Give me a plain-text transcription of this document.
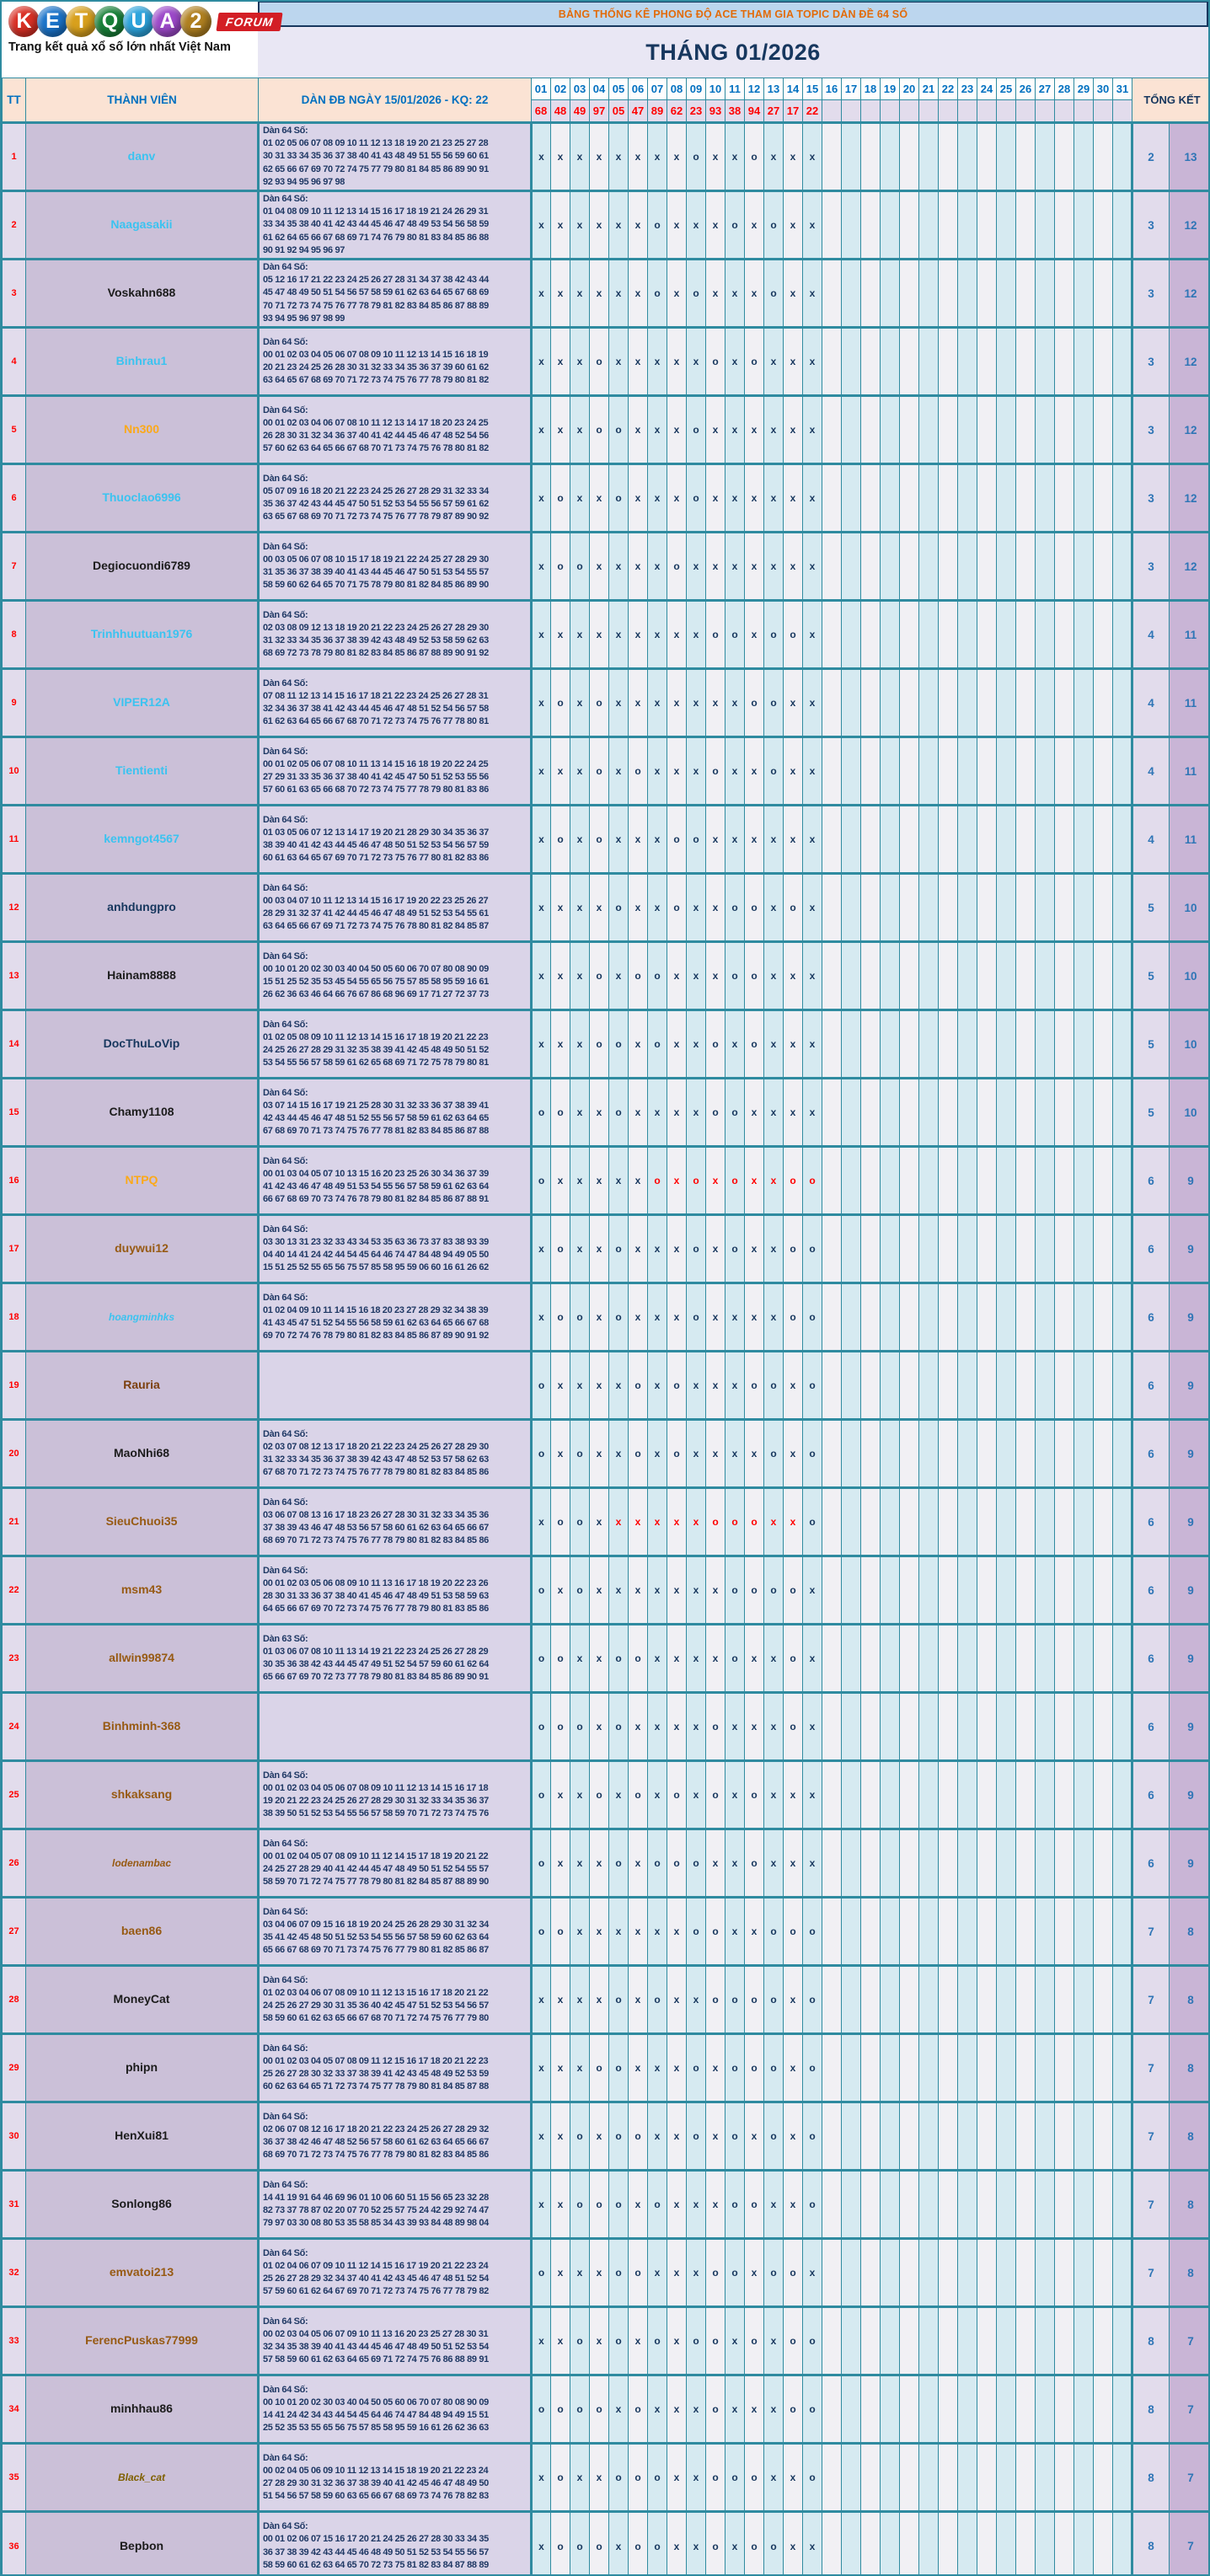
K E T Q U A 2	FORUM
Trang kết quả xổ số lớn nhất Việt Nam
BẢNG THỐNG KÊ PHONG ĐỘ ACE THAM GIA TOPIC DÀN ĐỀ 64 SỐ
THÁNG 01/2026
TT	THÀNH VIÊN	DÀN ĐB NGÀY 15/01/2026 - KQ: 22	01	02	03	04	05	06	07	08	09	10	11	12	13	14	15	16	17	18	19	20	21	22	23	24	25	26	27	28	29	30	31	TỔNG KẾT	
			68	48	49	97	05	47	89	62	23	93	38	94	27	17	22																		
1	danv	Dàn 64 Số:
01 02 05 06 07 08 09 10 11 12 13 18 19 20 21 23 25 27 28
30 31 33 34 35 36 37 38 40 41 43 48 49 51 55 56 59 60 61
62 65 66 67 69 70 72 74 75 77 79 80 81 84 85 86 89 90 91
92 93 94 95 96 97 98	x	x	x	x	x	x	x	x	o	x	x	o	x	x	x																	2	13
2	Naagasakii	Dàn 64 Số:
01 04 08 09 10 11 12 13 14 15 16 17 18 19 21 24 26 29 31
33 34 35 38 40 41 42 43 44 45 46 47 48 49 53 54 56 58 59
61 62 64 65 66 67 68 69 71 74 76 79 80 81 83 84 85 86 88
90 91 92 94 95 96 97	x	x	x	x	x	x	o	x	x	x	o	x	o	x	x																	3	12
3	Voskahn688	Dàn 64 Số:
05 12 16 17 21 22 23 24 25 26 27 28 31 34 37 38 42 43 44
45 47 48 49 50 51 54 56 57 58 59 61 62 63 64 65 67 68 69
70 71 72 73 74 75 76 77 78 79 81 82 83 84 85 86 87 88 89
93 94 95 96 97 98 99	x	x	x	x	x	x	o	x	o	x	x	x	o	x	x																	3	12
4	Binhrau1	Dàn 64 Số:
00 01 02 03 04 05 06 07 08 09 10 11 12 13 14 15 16 18 19
20 21 23 24 25 26 28 30 31 32 33 34 35 36 37 39 60 61 62
63 64 65 67 68 69 70 71 72 73 74 75 76 77 78 79 80 81 82	x	x	x	o	x	x	x	x	x	o	x	o	x	x	x																	3	12
5	Nn300	Dàn 64 Số:
00 01 02 03 04 06 07 08 10 11 12 13 14 17 18 20 23 24 25
26 28 30 31 32 34 36 37 40 41 42 44 45 46 47 48 52 54 56
57 60 62 63 64 65 66 67 68 70 71 73 74 75 76 78 80 81 82	x	x	x	o	o	x	x	x	o	x	x	x	x	x	x																	3	12
6	Thuoclao6996	Dàn 64 Số:
05 07 09 16 18 20 21 22 23 24 25 26 27 28 29 31 32 33 34
35 36 37 42 43 44 45 47 50 51 52 53 54 55 56 57 59 61 62
63 65 67 68 69 70 71 72 73 74 75 76 77 78 79 87 89 90 92	x	o	x	x	o	x	x	x	o	x	x	x	x	x	x																	3	12
7	Degiocuondi6789	Dàn 64 Số:
00 03 05 06 07 08 10 15 17 18 19 21 22 24 25 27 28 29 30
31 35 36 37 38 39 40 41 43 44 45 46 47 50 51 53 54 55 57
58 59 60 62 64 65 70 71 75 78 79 80 81 82 84 85 86 89 90	x	o	o	x	x	x	x	o	x	x	x	x	x	x	x																	3	12
8	Trinhhuutuan1976	Dàn 64 Số:
02 03 08 09 12 13 18 19 20 21 22 23 24 25 26 27 28 29 30
31 32 33 34 35 36 37 38 39 42 43 48 49 52 53 58 59 62 63
68 69 72 73 78 79 80 81 82 83 84 85 86 87 88 89 90 91 92	x	x	x	x	x	x	x	x	x	o	o	x	o	o	x																	4	11
9	VIPER12A	Dàn 64 Số:
07 08 11 12 13 14 15 16 17 18 21 22 23 24 25 26 27 28 31
32 34 36 37 38 41 42 43 44 45 46 47 48 51 52 54 56 57 58
61 62 63 64 65 66 67 68 70 71 72 73 74 75 76 77 78 80 81	x	o	x	o	x	x	x	x	x	x	x	o	o	x	x																	4	11
10	Tientienti	Dàn 64 Số:
00 01 02 05 06 07 08 10 11 13 14 15 16 18 19 20 22 24 25
27 29 31 33 35 36 37 38 40 41 42 45 47 50 51 52 53 55 56
57 60 61 63 65 66 68 70 72 73 74 75 77 78 79 80 81 83 86	x	x	x	o	x	o	x	x	x	o	x	x	o	x	x																	4	11
11	kemngot4567	Dàn 64 Số:
01 03 05 06 07 12 13 14 17 19 20 21 28 29 30 34 35 36 37
38 39 40 41 42 43 44 45 46 47 48 50 51 52 53 54 56 57 59
60 61 63 64 65 67 69 70 71 72 73 75 76 77 80 81 82 83 86	x	o	x	o	x	x	x	o	o	x	x	x	x	x	x																	4	11
12	anhdungpro	Dàn 64 Số:
00 03 04 07 10 11 12 13 14 15 16 17 19 20 22 23 25 26 27
28 29 31 32 37 41 42 44 45 46 47 48 49 51 52 53 54 55 61
63 64 65 66 67 69 71 72 73 74 75 76 78 80 81 82 84 85 87	x	x	x	x	o	x	x	o	x	x	o	o	x	o	x																	5	10
13	Hainam8888	Dàn 64 Số:
00 10 01 20 02 30 03 40 04 50 05 60 06 70 07 80 08 90 09
15 51 25 52 35 53 45 54 55 65 56 75 57 85 58 95 59 16 61
26 62 36 63 46 64 66 76 67 86 68 96 69 17 71 27 72 37 73	x	x	x	o	x	o	o	x	x	x	o	o	x	x	x																	5	10
14	DocThuLoVip	Dàn 64 Số:
01 02 05 08 09 10 11 12 13 14 15 16 17 18 19 20 21 22 23
24 25 26 27 28 29 31 32 35 38 39 41 42 45 48 49 50 51 52
53 54 55 56 57 58 59 61 62 65 68 69 71 72 75 78 79 80 81	x	x	x	o	o	x	o	x	x	o	x	o	x	x	x																	5	10
15	Chamy1108	Dàn 64 Số:
03 07 14 15 16 17 19 21 25 28 30 31 32 33 36 37 38 39 41
42 43 44 45 46 47 48 51 52 55 56 57 58 59 61 62 63 64 65
67 68 69 70 71 73 74 75 76 77 78 81 82 83 84 85 86 87 88	o	o	x	x	o	x	x	x	x	o	o	x	x	x	x																	5	10
16	NTPQ	Dàn 64 Số:
00 01 03 04 05 07 10 13 15 16 20 23 25 26 30 34 36 37 39
41 42 43 46 47 48 49 51 53 54 55 56 57 58 59 61 62 63 64
66 67 68 69 70 73 74 76 78 79 80 81 82 84 85 86 87 88 91	o	x	x	x	x	x	o	x	o	x	o	x	x	o	o																	6	9
17	duywui12	Dàn 64 Số:
03 30 13 31 23 32 33 43 34 53 35 63 36 73 37 83 38 93 39
04 40 14 41 24 42 44 54 45 64 46 74 47 84 48 94 49 05 50
15 51 25 52 55 65 56 75 57 85 58 95 59 06 60 16 61 26 62	x	o	x	x	o	x	x	x	o	x	o	x	x	o	o																	6	9
18	hoangminhks	Dàn 64 Số:
01 02 04 09 10 11 14 15 16 18 20 23 27 28 29 32 34 38 39
41 43 45 47 51 52 54 55 56 58 59 61 62 63 64 65 66 67 68
69 70 72 74 76 78 79 80 81 82 83 84 85 86 87 89 90 91 92	x	o	o	x	o	x	x	x	o	x	x	x	x	o	o																	6	9
19	Rauria		o	x	x	x	x	o	x	o	x	x	x	o	o	x	o																	6	9
20	MaoNhi68	Dàn 64 Số:
02 03 07 08 12 13 17 18 20 21 22 23 24 25 26 27 28 29 30
31 32 33 34 35 36 37 38 39 42 43 47 48 52 53 57 58 62 63
67 68 70 71 72 73 74 75 76 77 78 79 80 81 82 83 84 85 86	o	x	o	x	x	o	x	o	x	x	x	x	o	x	o																	6	9
21	SieuChuoi35	Dàn 64 Số:
03 06 07 08 13 16 17 18 23 26 27 28 30 31 32 33 34 35 36
37 38 39 43 46 47 48 53 56 57 58 60 61 62 63 64 65 66 67
68 69 70 71 72 73 74 75 76 77 78 79 80 81 82 83 84 85 86	x	o	o	x	x	x	x	x	x	o	o	o	x	x	o																	6	9
22	msm43	Dàn 64 Số:
00 01 02 03 05 06 08 09 10 11 13 16 17 18 19 20 22 23 26
28 30 31 33 36 37 38 40 41 45 46 47 48 49 51 53 58 59 63
64 65 66 67 69 70 72 73 74 75 76 77 78 79 80 81 83 85 86	o	x	o	x	x	x	x	x	x	x	o	o	o	o	x																	6	9
23	allwin99874	Dàn 63 Số:
01 03 06 07 08 10 11 13 14 19 21 22 23 24 25 26 27 28 29
30 35 36 38 42 43 44 45 47 49 51 52 54 57 59 60 61 62 64
65 66 67 69 70 72 73 77 78 79 80 81 83 84 85 86 89 90 91	o	o	x	x	o	o	x	x	x	x	o	x	x	o	x																	6	9
24	Binhminh-368		o	o	o	x	o	x	x	x	x	o	x	x	x	o	x																	6	9
25	shkaksang	Dàn 64 Số:
00 01 02 03 04 05 06 07 08 09 10 11 12 13 14 15 16 17 18
19 20 21 22 23 24 25 26 27 28 29 30 31 32 33 34 35 36 37
38 39 50 51 52 53 54 55 56 57 58 59 70 71 72 73 74 75 76	o	x	x	o	x	o	x	o	x	o	x	o	x	x	x																	6	9
26	lodenambac	Dàn 64 Số:
00 01 02 04 05 07 08 09 10 11 12 14 15 17 18 19 20 21 22
24 25 27 28 29 40 41 42 44 45 47 48 49 50 51 52 54 55 57
58 59 70 71 72 74 75 77 78 79 80 81 82 84 85 87 88 89 90	o	x	x	x	o	x	o	o	o	x	x	o	x	x	x																	6	9
27	baen86	Dàn 64 Số:
03 04 06 07 09 15 16 18 19 20 24 25 26 28 29 30 31 32 34
35 41 42 45 48 50 51 52 53 54 55 56 57 58 59 60 62 63 64
65 66 67 68 69 70 71 73 74 75 76 77 79 80 81 82 85 86 87	o	o	x	x	x	x	x	x	o	o	x	x	o	o	o																	7	8
28	MoneyCat	Dàn 64 Số:
01 02 03 04 06 07 08 09 10 11 12 13 15 16 17 18 20 21 22
24 25 26 27 29 30 31 35 36 40 42 45 47 51 52 53 54 56 57
58 59 60 61 62 63 65 66 67 68 70 71 72 74 75 76 77 79 80	x	x	x	x	o	x	o	x	x	o	o	o	o	x	o																	7	8
29	phipn	Dàn 64 Số:
00 01 02 03 04 05 07 08 09 11 12 15 16 17 18 20 21 22 23
25 26 27 28 30 32 33 37 38 39 41 42 43 45 48 49 52 53 59
60 62 63 64 65 71 72 73 74 75 77 78 79 80 81 84 85 87 88	x	x	x	o	o	x	x	x	o	x	o	o	o	x	o																	7	8
30	HenXui81	Dàn 64 Số:
02 06 07 08 12 16 17 18 20 21 22 23 24 25 26 27 28 29 32
36 37 38 42 46 47 48 52 56 57 58 60 61 62 63 64 65 66 67
68 69 70 71 72 73 74 75 76 77 78 79 80 81 82 83 84 85 86	x	x	o	x	o	o	x	x	o	x	o	x	o	x	o																	7	8
31	Sonlong86	Dàn 64 Số:
14 41 19 91 64 46 69 96 01 10 06 60 51 15 56 65 23 32 28
82 73 37 78 87 02 20 07 70 52 25 57 75 24 42 29 92 74 47
79 97 03 30 08 80 53 35 58 85 34 43 39 93 84 48 89 98 04	x	x	o	o	o	x	o	x	x	x	o	o	x	x	o																	7	8
32	emvatoi213	Dàn 64 Số:
01 02 04 06 07 09 10 11 12 14 15 16 17 19 20 21 22 23 24
25 26 27 28 29 32 34 37 40 41 42 43 45 46 47 48 51 52 54
57 59 60 61 62 64 67 69 70 71 72 73 74 75 76 77 78 79 82	o	x	x	x	o	o	x	x	x	o	o	x	o	o	x																	7	8
33	FerencPuskas77999	Dàn 64 Số:
00 02 03 04 05 06 07 09 10 11 13 16 20 23 25 27 28 30 31
32 34 35 38 39 40 41 43 44 45 46 47 48 49 50 51 52 53 54
57 58 59 60 61 62 63 64 65 69 71 72 74 75 76 86 88 89 91	x	x	o	x	o	x	o	x	o	o	x	o	x	o	o																	8	7
34	minhhau86	Dàn 64 Số:
00 10 01 20 02 30 03 40 04 50 05 60 06 70 07 80 08 90 09
14 41 24 42 34 43 44 54 45 64 46 74 47 84 48 94 49 15 51
25 52 35 53 55 65 56 75 57 85 58 95 59 16 61 26 62 36 63	o	o	o	o	x	o	x	x	x	o	x	x	x	o	o																	8	7
35	Black_cat	Dàn 64 Số:
00 02 04 05 06 09 10 11 12 13 14 15 18 19 20 21 22 23 24
27 28 29 30 31 32 36 37 38 39 40 41 42 45 46 47 48 49 50
51 54 56 57 58 59 60 63 65 66 67 68 69 73 74 76 78 82 83	x	o	x	x	o	o	o	x	x	o	o	o	x	x	o																	8	7
36	Bepbon	Dàn 64 Số:
00 01 02 06 07 15 16 17 20 21 24 25 26 27 28 30 33 34 35
36 37 38 39 42 43 44 45 46 48 49 50 51 52 53 54 55 56 57
58 59 60 61 62 63 64 65 70 72 73 75 81 82 83 84 87 88 89	x	o	o	o	x	o	o	x	x	o	x	o	o	x	x																	8	7
